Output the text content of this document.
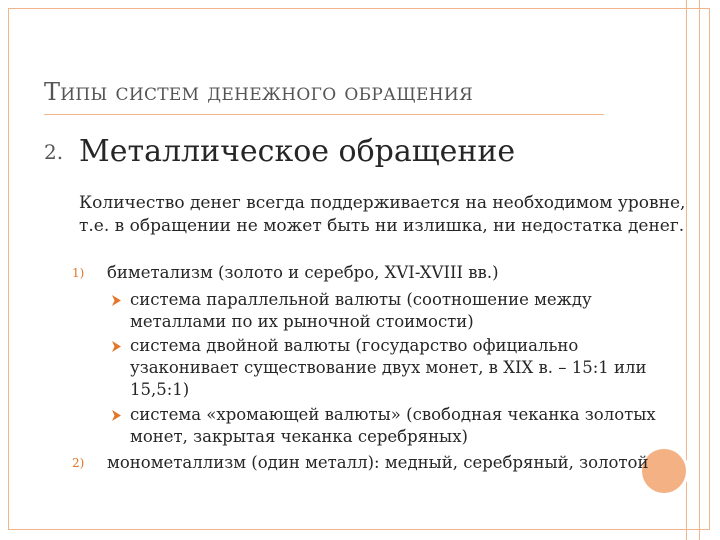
Типы систем денежного обращения
2. Металлическое обращение
Количество денег всегда поддерживается на необходимом уровне,
т.е. в обращении не может быть ни излишка, ни недостатка денег.
1) биметализм (золото и серебро, XVI-XVIII вв.)
система параллельной валюты (соотношение между
металлами по их рыночной стоимости)
система двойной валюты (государство официально
узаконивает существование двух монет, в XIX в. – 15:1 или
15,5:1)
система «хромающей валюты» (свободная чеканка золотых
монет, закрытая чеканка серебряных)
2) монометаллизм (один металл): медный, серебряный, золотой
